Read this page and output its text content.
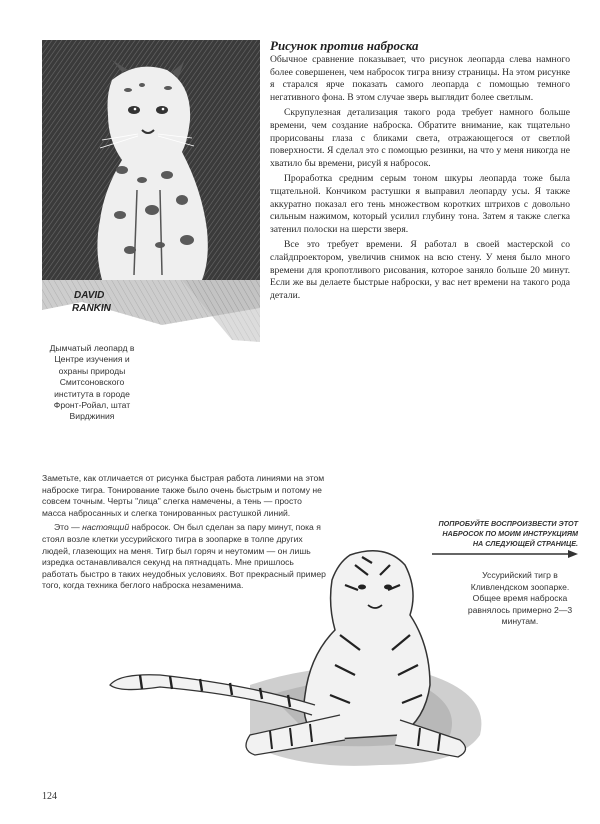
DAVID
RANKIN
Дымчатый леопард в Центре изучения и охраны природы Смитсоновского института в городе Фронт-Ройал, штат Вирджиния
Рисунок против наброска

Обычное сравнение показывает, что рисунок леопарда слева намного более совершенен, чем набросок тигра внизу страницы. На этом рисунке я старался ярче показать самого леопарда с помощью темного негативного фона. В этом случае зверь выглядит более светлым.

Скрупулезная детализация такого рода требует намного больше времени, чем создание наброска. Обратите внимание, как тщательно прорисованы глаза с бликами света, отражающегося от светлой поверхности. Я сделал это с помощью резинки, на что у меня никогда не хватило бы времени, рисуй я набросок.

Проработка средним серым тоном шкуры леопарда тоже была тщательной. Кончиком растушки я выправил леопарду усы. Я также аккуратно показал его тень множеством коротких штрихов с довольно сильным нажимом, который усилил глубину тона. Затем я также слегка затенил полоски на шерсти зверя.

Все это требует времени. Я работал в своей мастерской со слайдпроектором, увеличив снимок на всю стену. У меня было много времени для кропотливого рисования, которое заняло больше 20 минут. Если же вы делаете быстрые наброски, у вас нет времени на такого рода детали.

Заметьте, как отличается от рисунка быстрая работа линиями на этом наброске тигра. Тонирование также было очень быстрым и потому не совсем точным. Черты "лица" слегка намечены, а тень — просто масса набросанных и слегка тонированных растушкой линий.

Это — настоящий набросок. Он был сделан за пару минут, пока я стоял возле клетки уссурийского тигра в зоопарке в толпе других людей, глазеющих на меня. Тигр был горяч и неутомим — он лишь изредка останавливался секунд на пятнадцать. Мне пришлось работать быстро в таких неудобных условиях. Вот прекрасный пример того, когда техника беглого наброска незаменима.

ПОПРОБУЙТЕ ВОСПРОИЗВЕСТИ ЭТОТ НАБРОСОК ПО МОИМ ИНСТРУКЦИЯМ НА СЛЕДУЮЩЕЙ СТРАНИЦЕ.
Уссурийский тигр в Кливлендском зоопарке. Общее время наброска равнялось примерно 2—3 минутам.
124
